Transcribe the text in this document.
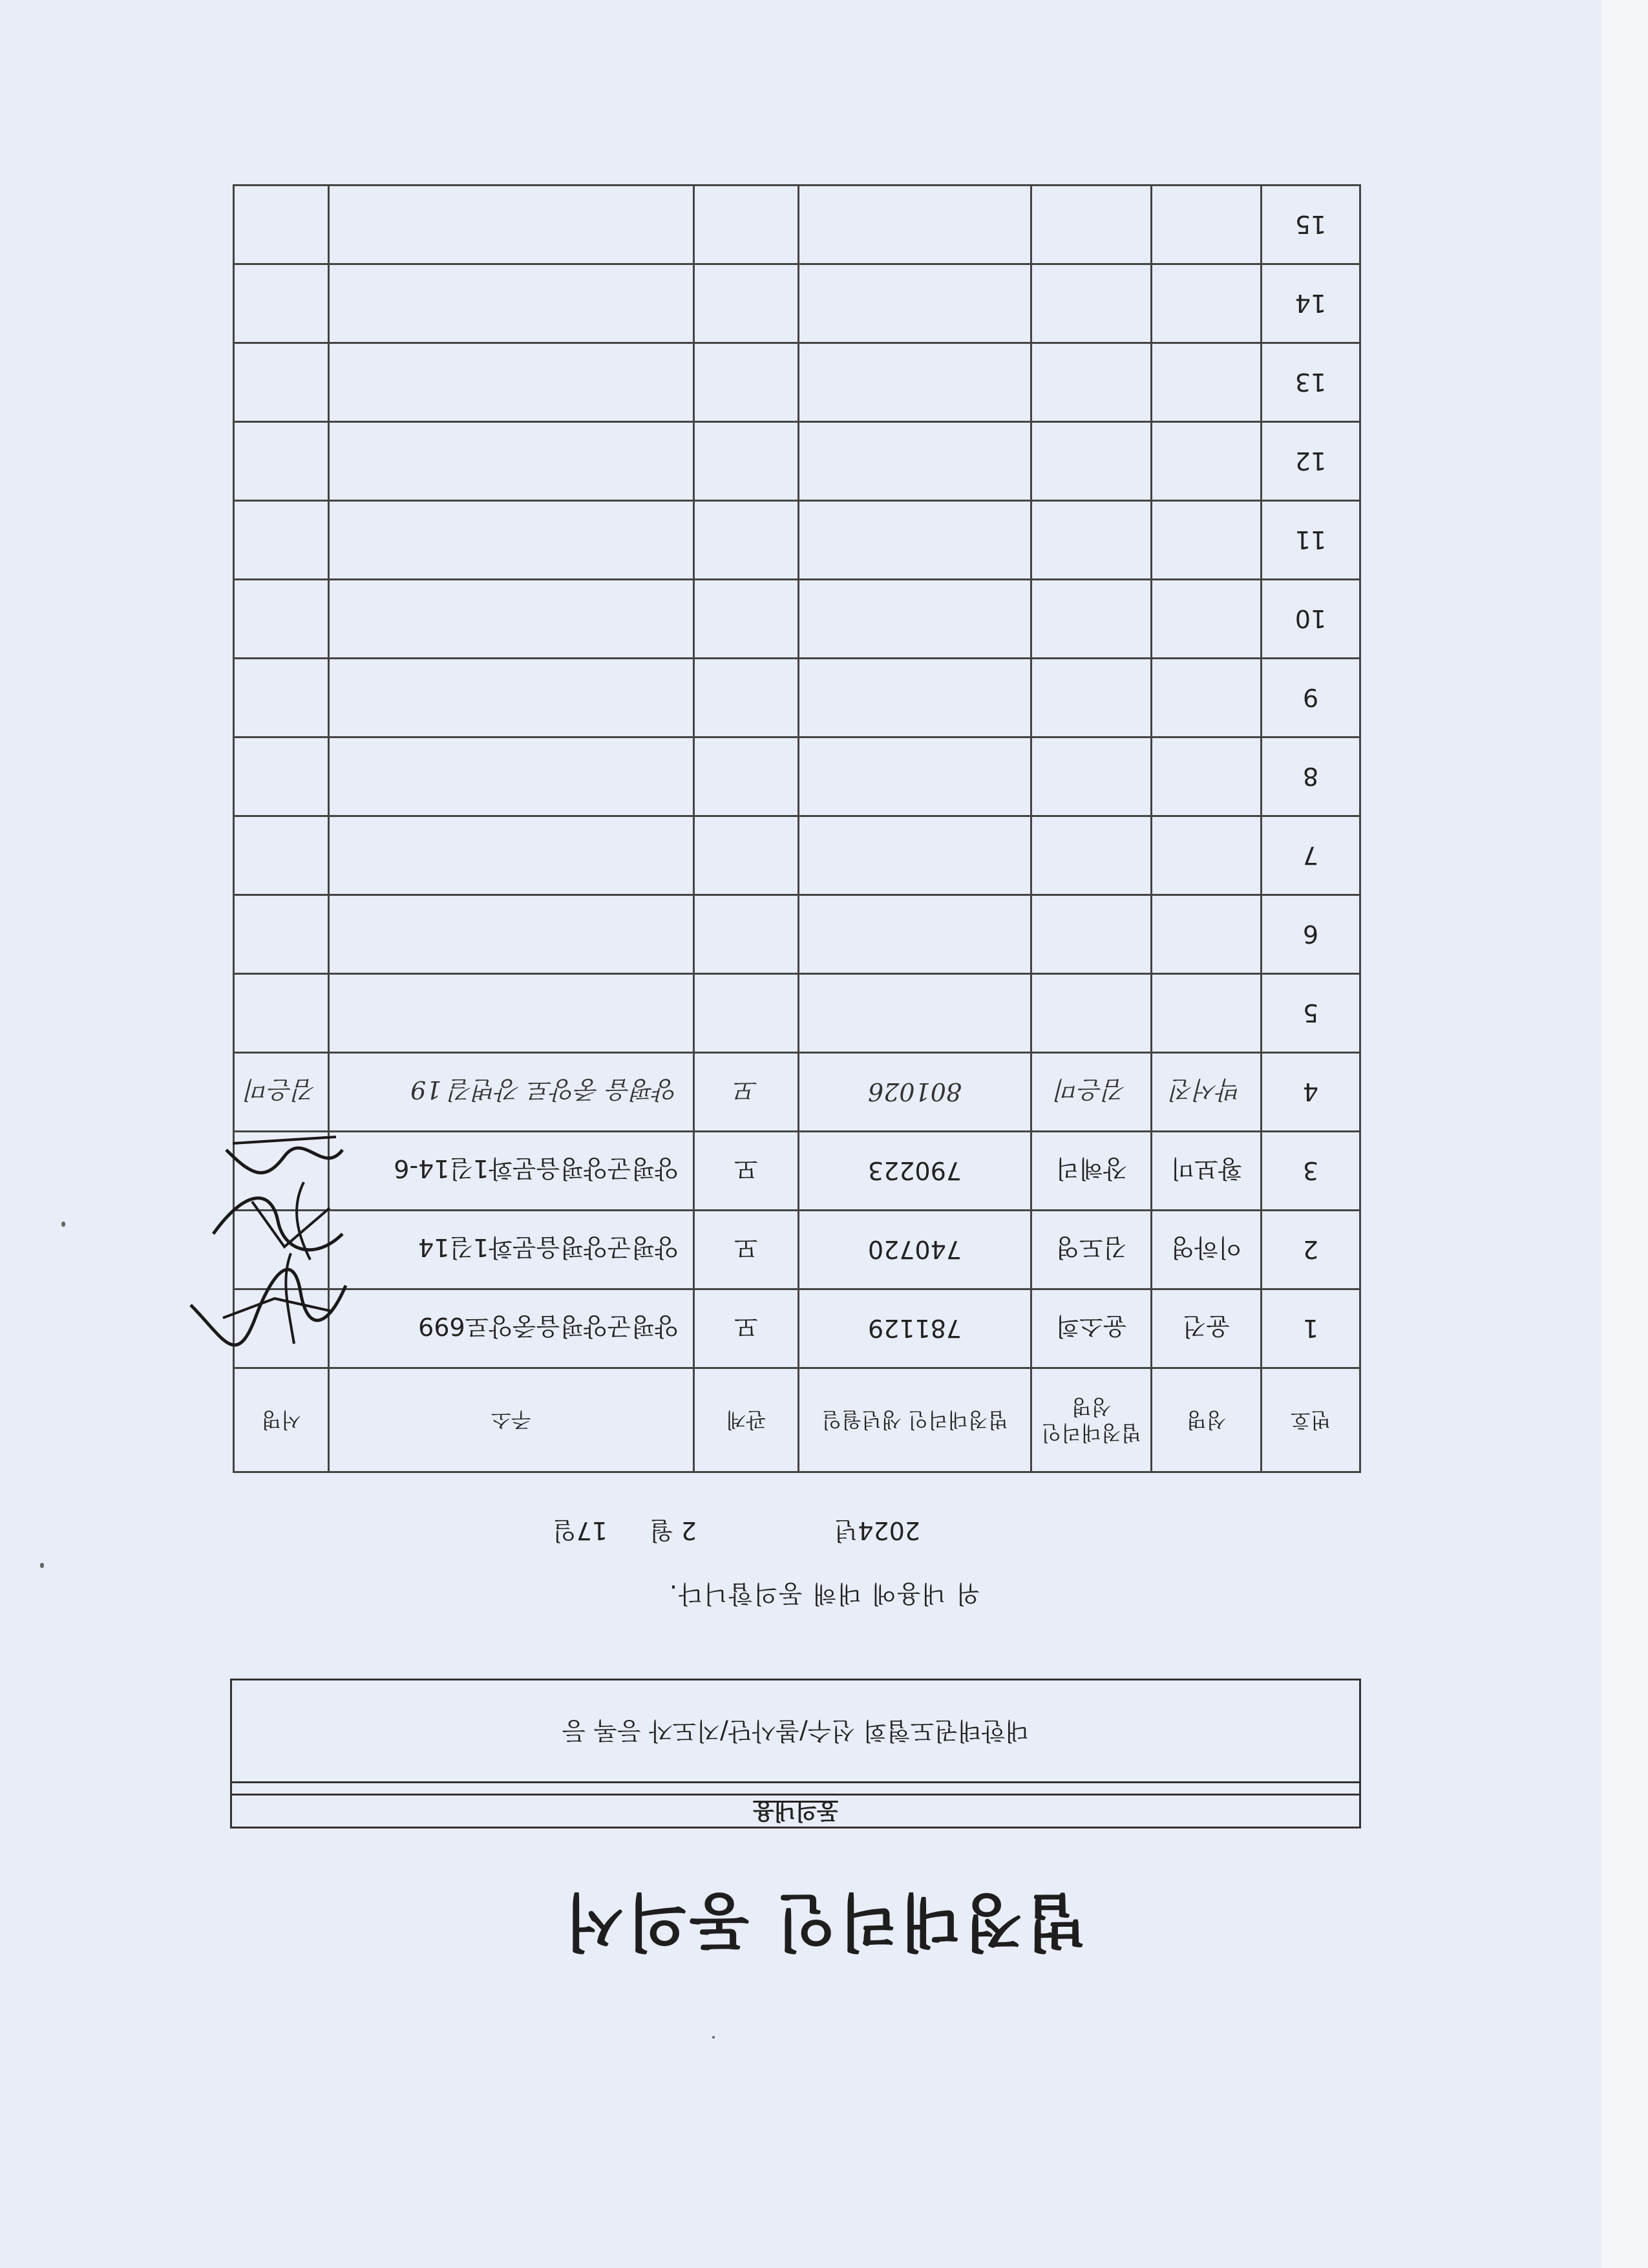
법정대리인 동의서
동의내용
대한태권도협회 선수/볼사단/지도자 등록 등
위 내용에 대해 동의합니다.
2024년
2 월
17일
번호	성명	법정대리인 성명	법정대리인 생년월일	관계	주소	서명
1	윤건	윤소희	781129	모	양평군양평읍중앙로699	
2	이하영	김도영	740720	모	양평군양평읍문화1길14	
3	황보미	장혜리	790223	모	양평군양평읍문화1길14-6	
4	박서진	김은미	801026	모	양평읍 중앙로 강변길 19	김은미
5						
6						
7						
8						
9						
10						
11						
12						
13						
14						
15						
